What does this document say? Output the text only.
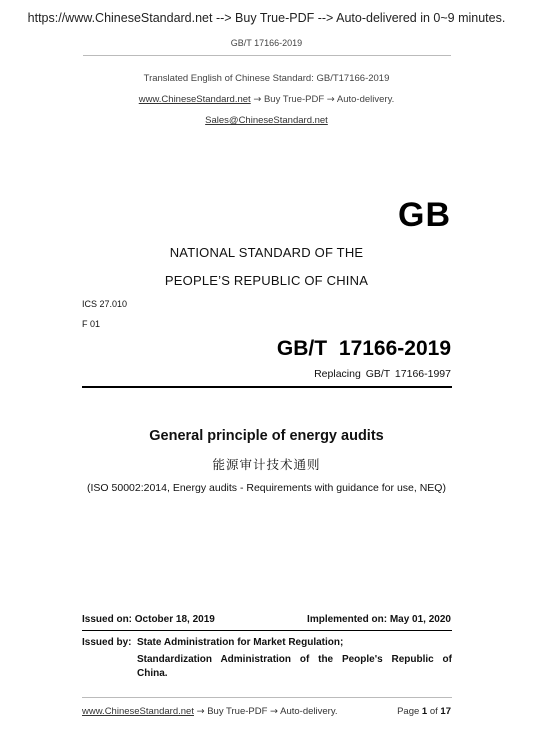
https://www.ChineseStandard.net --> Buy True-PDF --> Auto-delivered in 0~9 minutes.
GB/T 17166-2019
Translated English of Chinese Standard: GB/T17166-2019
www.ChineseStandard.net → Buy True-PDF → Auto-delivery.
Sales@ChineseStandard.net
GB
NATIONAL STANDARD OF THE
PEOPLE’S REPUBLIC OF CHINA
ICS 27.010
F 01
GB/T 17166-2019
Replacing GB/T 17166-1997
General principle of energy audits
能源审计技术通则
(ISO 50002:2014, Energy audits - Requirements with guidance for use, NEQ)
Issued on: October 18, 2019	Implemented on: May 01, 2020
Issued by: State Administration for Market Regulation;
Standardization Administration of the People's Republic of
China.
www.ChineseStandard.net → Buy True-PDF → Auto-delivery.	Page 1 of 17
